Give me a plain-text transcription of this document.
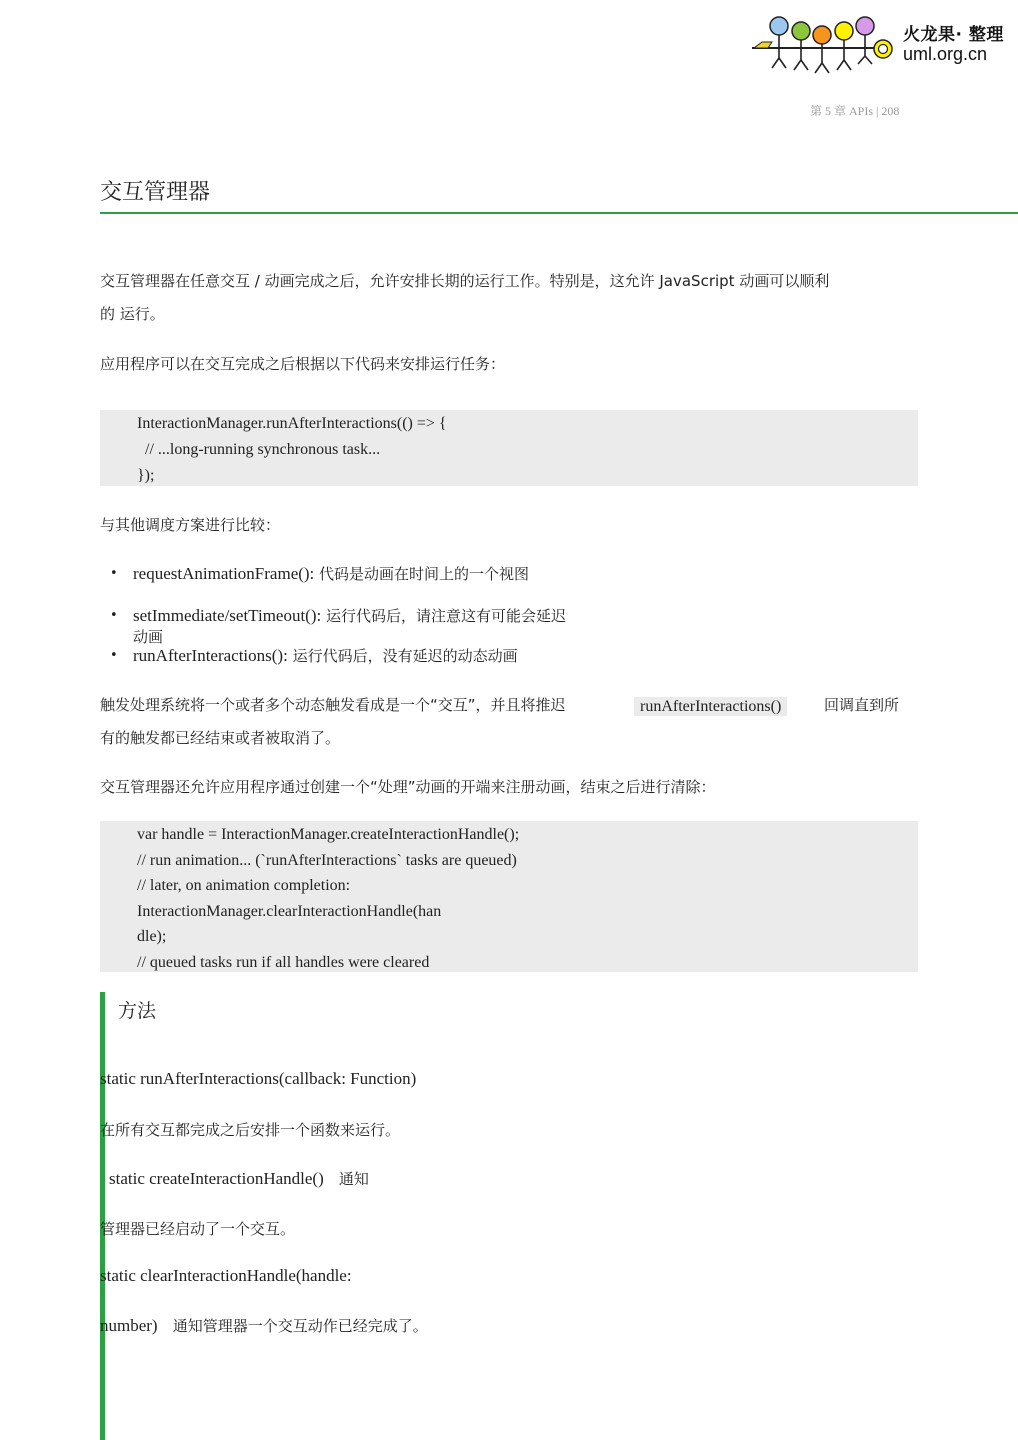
火龙果· 整理
uml.org.cn
第 5 章 APIs | 208
交互管理器
交互管理器在任意交互 / 动画完成之后，允许安排长期的运行工作。特别是，这允许 JavaScript 动画可以顺利
的 运行。
应用程序可以在交互完成之后根据以下代码来安排运行任务：
InteractionManager.runAfterInteractions(() => {
// ...long-running synchronous task...
});
与其他调度方案进行比较：
• requestAnimationFrame(): 代码是动画在时间上的一个视图
• setImmediate/setTimeout(): 运行代码后，请注意这有可能会延迟
动画
• runAfterInteractions(): 运行代码后，没有延迟的动态动画
触发处理系统将一个或者多个动态触发看成是一个“交互”，并且将推迟	runAfterInteractions()	回调直到所
有的触发都已经结束或者被取消了。
交互管理器还允许应用程序通过创建一个“处理”动画的开端来注册动画，结束之后进行清除：
var handle = InteractionManager.createInteractionHandle();
// run animation... (`runAfterInteractions` tasks are queued)
// later, on animation completion:
InteractionManager.clearInteractionHandle(han
dle);
// queued tasks run if all handles were cleared
方法
static runAfterInteractions(callback: Function)
在所有交互都完成之后安排一个函数来运行。
static createInteractionHandle() 通知
管理器已经启动了一个交互。
static clearInteractionHandle(handle:
number) 通知管理器一个交互动作已经完成了。
